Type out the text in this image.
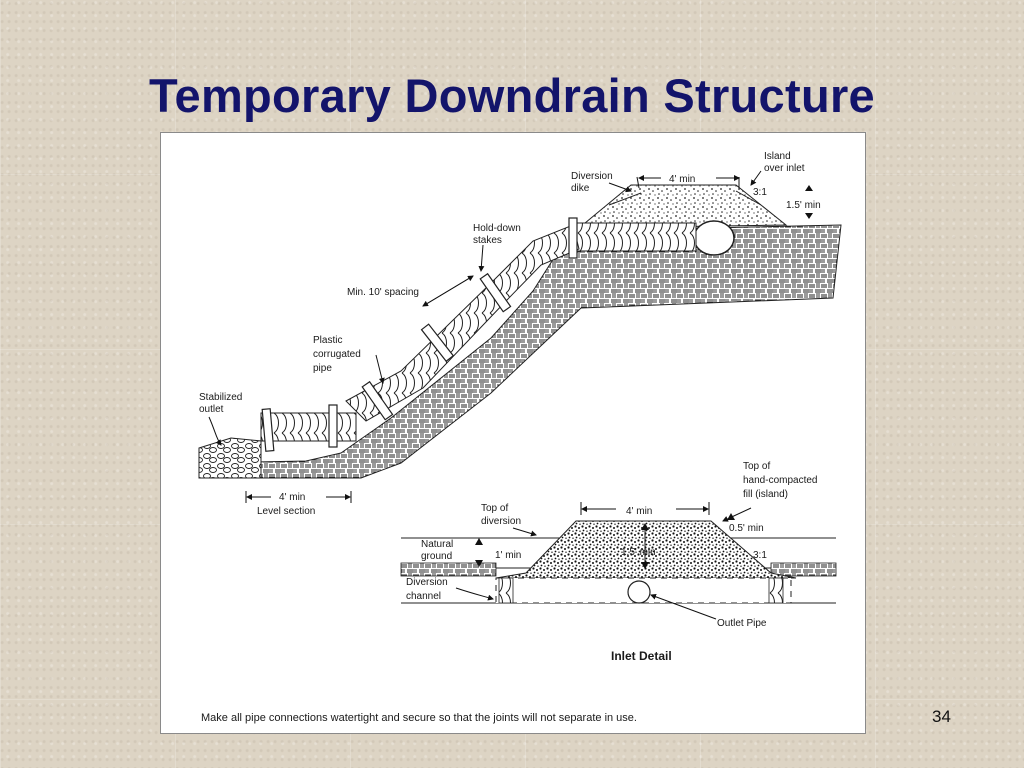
Temporary Downdrain Structure
Island
over inlet
Diversion
dike
4' min
3:1
1.5' min
Hold-down
stakes
Min. 10' spacing
Plastic
corrugated
pipe
Stabilized
outlet
4' min
Level section
Top of
hand-compacted
fill (island)
Top of
diversion
4' min
0.5' min
Natural
ground	1' min	1.5' min	3:1
Diversion
channel
Outlet Pipe
Inlet Detail
Make all pipe connections watertight and secure so that the joints will not separate in use.	34
